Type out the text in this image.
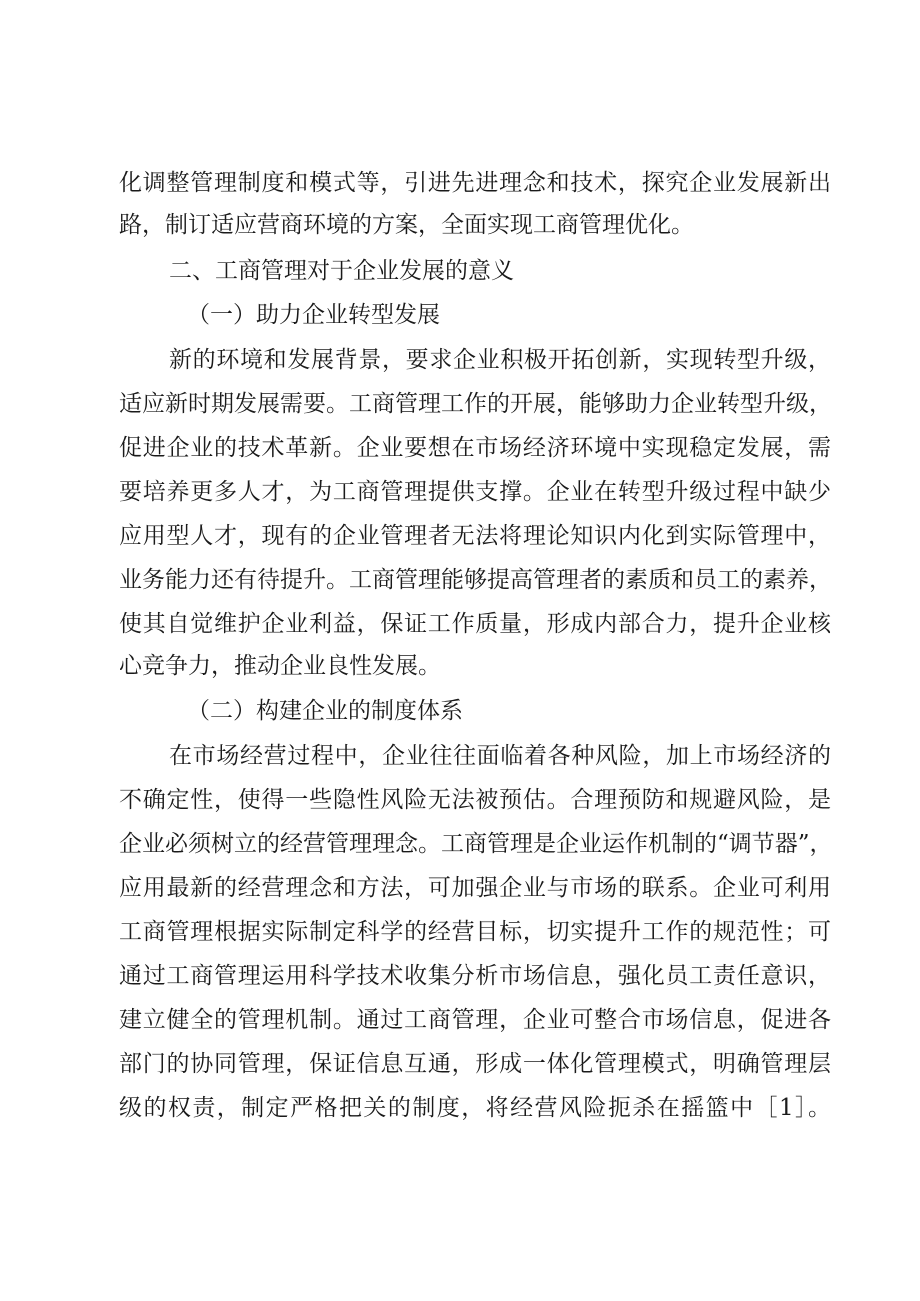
化调整管理制度和模式等，引进先进理念和技术，探究企业发展新出
路，制订适应营商环境的方案，全面实现工商管理优化。
二、工商管理对于企业发展的意义
（一）助力企业转型发展
新的环境和发展背景，要求企业积极开拓创新，实现转型升级，
适应新时期发展需要。工商管理工作的开展，能够助力企业转型升级，
促进企业的技术革新。企业要想在市场经济环境中实现稳定发展，需
要培养更多人才，为工商管理提供支撑。企业在转型升级过程中缺少
应用型人才，现有的企业管理者无法将理论知识内化到实际管理中，
业务能力还有待提升。工商管理能够提高管理者的素质和员工的素养，
使其自觉维护企业利益，保证工作质量，形成内部合力，提升企业核
心竞争力，推动企业良性发展。
（二）构建企业的制度体系
在市场经营过程中，企业往往面临着各种风险，加上市场经济的
不确定性，使得一些隐性风险无法被预估。合理预防和规避风险，是
企业必须树立的经营管理理念。工商管理是企业运作机制的“调节器”，
应用最新的经营理念和方法，可加强企业与市场的联系。企业可利用
工商管理根据实际制定科学的经营目标，切实提升工作的规范性；可
通过工商管理运用科学技术收集分析市场信息，强化员工责任意识，
建立健全的管理机制。通过工商管理，企业可整合市场信息，促进各
部门的协同管理，保证信息互通，形成一体化管理模式，明确管理层
级的权责，制定严格把关的制度，将经营风险扼杀在摇篮中［1］。
